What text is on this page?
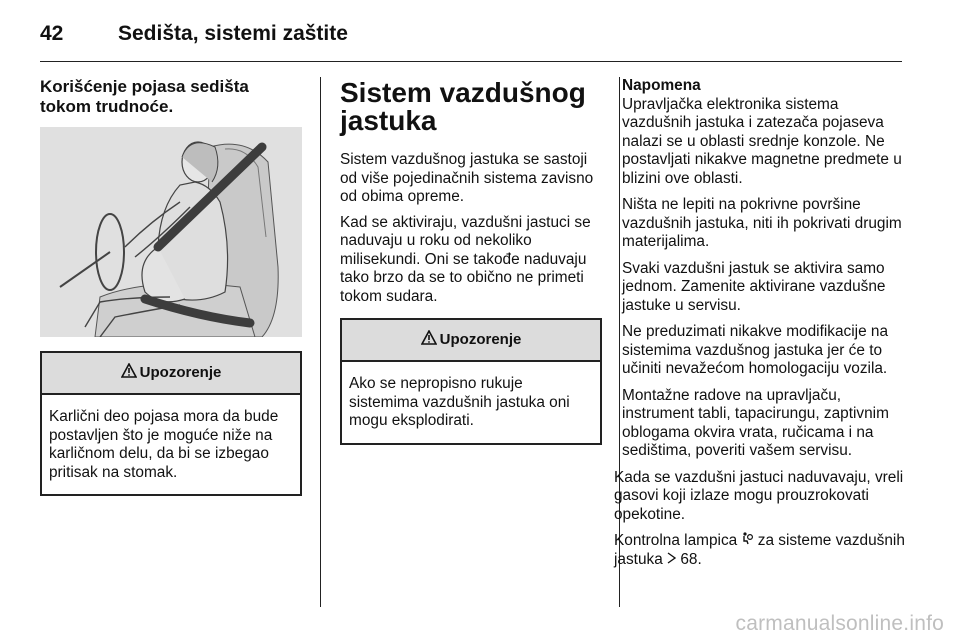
42	Sedišta, sistemi zaštite
Korišćenje pojasa sedišta tokom trudnoće.
Upozorenje
Karlični deo pojasa mora da bude postavljen što je moguće niže na karličnom delu, da bi se izbegao pritisak na stomak.
Sistem vazdušnog jastuka

Sistem vazdušnog jastuka se sastoji od više pojedinačnih sistema zavisno od obima opreme.

Kad se aktiviraju, vazdušni jastuci se naduvaju u roku od nekoliko milisekundi. Oni se takođe naduvaju tako brzo da se to obično ne primeti tokom sudara.

Upozorenje
Ako se nepropisno rukuje sistemima vazdušnih jastuka oni mogu eksplodirati.
Napomena

Upravljačka elektronika sistema vazdušnih jastuka i zatezača pojaseva nalazi se u oblasti srednje konzole. Ne postavljati nikakve magnetne predmete u blizini ove oblasti.

Ništa ne lepiti na pokrivne površine vazdušnih jastuka, niti ih pokrivati drugim materijalima.

Svaki vazdušni jastuk se aktivira samo jednom. Zamenite aktivirane vazdušne jastuke u servisu.

Ne preduzimati nikakve modifikacije na sistemima vazdušnog jastuka jer će to učiniti nevažećom homologaciju vozila.

Montažne radove na upravljaču, instrument tabli, tapacirungu, zaptivnim oblogama okvira vrata, ručicama i na sedištima, poveriti vašem servisu.

Kada se vazdušni jastuci naduvavaju, vreli gasovi koji izlaze mogu prouzrokovati opekotine.

Kontrolna lampica za sisteme vazdušnih jastuka 68.

carmanualsonline.info
